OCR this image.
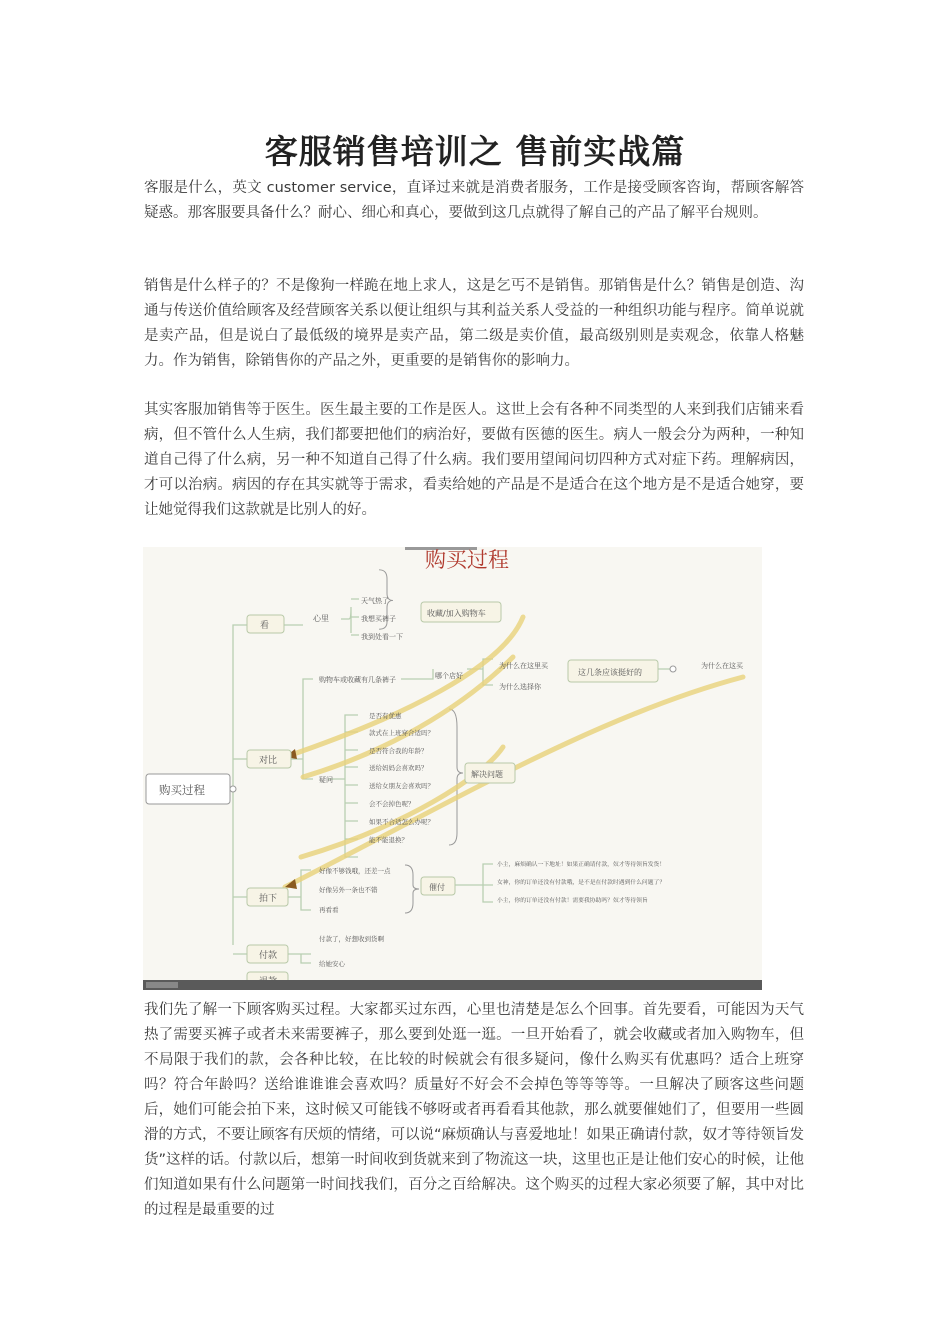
客服销售培训之 售前实战篇

客服是什么，英文 customer service，直译过来就是消费者服务，工作是接受顾客咨询，帮顾客解答疑惑。那客服要具备什么？耐心、细心和真心，要做到这几点就得了解自己的产品了解平台规则。

销售是什么样子的？不是像狗一样跪在地上求人，这是乞丐不是销售。那销售是什么？销售是创造、沟通与传送价值给顾客及经营顾客关系以便让组织与其利益关系人受益的一种组织功能与程序。简单说就是卖产品，但是说白了最低级的境界是卖产品，第二级是卖价值，最高级别则是卖观念，依靠人格魅力。作为销售，除销售你的产品之外，更重要的是销售你的影响力。

其实客服加销售等于医生。医生最主要的工作是医人。这世上会有各种不同类型的人来到我们店铺来看病，但不管什么人生病，我们都要把他们的病治好，要做有医德的医生。病人一般会分为两种，一种知道自己得了什么病，另一种不知道自己得了什么病。我们要用望闻问切四种方式对症下药。理解病因，才可以治病。病因的存在其实就等于需求，看卖给她的产品是不是适合在这个地方是不是适合她穿，要让她觉得我们这款就是比别人的好。

购买过程
购买过程
看
对比
拍下
付款
心里
天气热了
我想买裤子
我到处看一下
收藏/加入购物车
购物车或收藏有几条裤子	哪个店好
为什么在这里买
为什么选择你
这几条应该挺好的
为什么在这买
疑问
是否有优惠
款式在上班穿合适吗？
是否符合我的年龄？
送给妈妈会喜欢吗？
送给女朋友会喜欢吗？
会不会掉色呢？
如果不合适怎么办呢？
能不能退换？
解决问题
好像不够钱哦，还差一点
好像另外一条也不错
再看看
催付
小主，麻烦确认一下地址！如果正确请付款，奴才等待领旨发货！
女神，你的订单还没有付款哦，是不是在付款时遇到什么问题了？
小主，你的订单还没有付款！需要我协助吗？奴才等待领旨
付款了，好想收到货啊
给她安心

我们先了解一下顾客购买过程。大家都买过东西，心里也清楚是怎么个回事。首先要看，可能因为天气热了需要买裤子或者未来需要裤子，那么要到处逛一逛。一旦开始看了，就会收藏或者加入购物车，但不局限于我们的款，会各种比较，在比较的时候就会有很多疑问，像什么购买有优惠吗？适合上班穿吗？符合年龄吗？送给谁谁谁会喜欢吗？质量好不好会不会掉色等等等等。一旦解决了顾客这些问题后，她们可能会拍下来，这时候又可能钱不够呀或者再看看其他款，那么就要催她们了，但要用一些圆滑的方式，不要让顾客有厌烦的情绪，可以说“麻烦确认与喜爱地址！如果正确请付款，奴才等待领旨发货”这样的话。付款以后，想第一时间收到货就来到了物流这一块，这里也正是让他们安心的时候，让他们知道如果有什么问题第一时间找我们，百分之百给解决。这个购买的过程大家必须要了解，其中对比的过程是最重要的过
